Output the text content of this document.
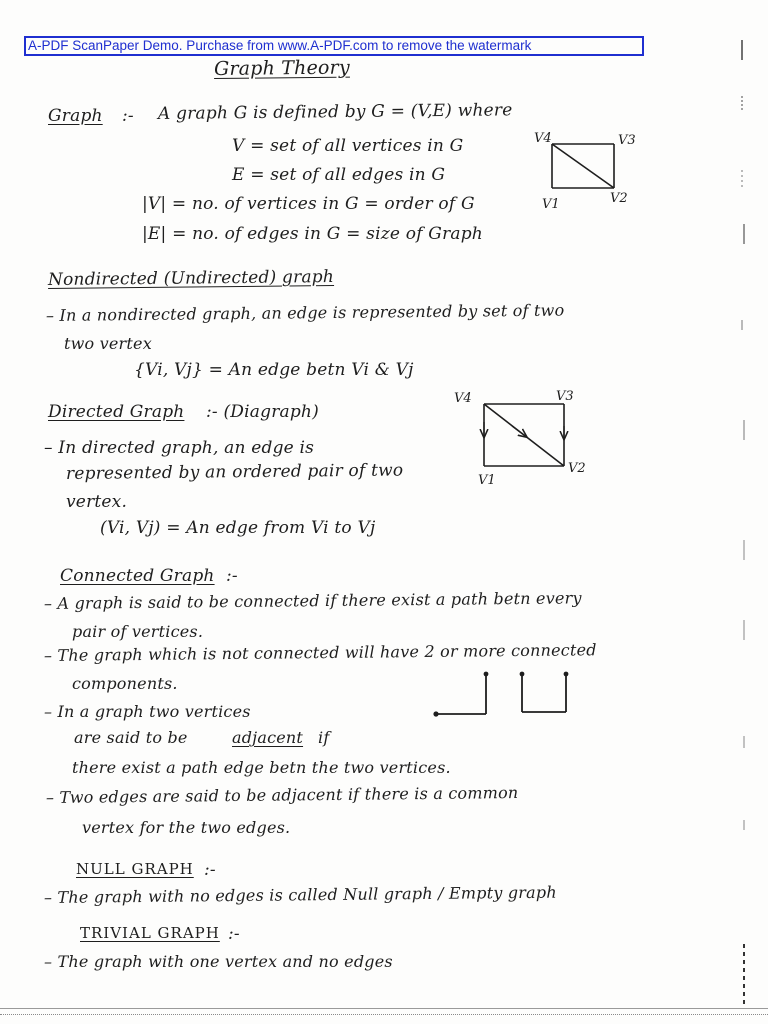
A-PDF ScanPaper Demo. Purchase from www.A-PDF.com to remove the watermark
Graph Theory
Graph :- A graph G is defined by G = (V,E) where
V = set of all vertices in G
E = set of all edges in G
|V| = no. of vertices in G = order of G
|E| = no. of edges in G = size of Graph
V4	V3
V1	V2
Nondirected (Undirected) graph
– In a nondirected graph, an edge is represented by set of two
two vertex
{Vi, Vj} = An edge betn Vi & Vj
Directed Graph :- (Diagraph)
– In directed graph, an edge is
represented by an ordered pair of two
vertex.
(Vi, Vj) = An edge from Vi to Vj
V4	V3
V1
V2
Connected Graph :-
– A graph is said to be connected if there exist a path betn every
pair of vertices.
– The graph which is not connected will have 2 or more connected
components.
– In a graph two vertices
are said to be	adjacent if
there exist a path edge betn the two vertices.
– Two edges are said to be adjacent if there is a common
vertex for the two edges.
NULL GRAPH :-
– The graph with no edges is called Null graph / Empty graph
TRIVIAL GRAPH :-
– The graph with one vertex and no edges
